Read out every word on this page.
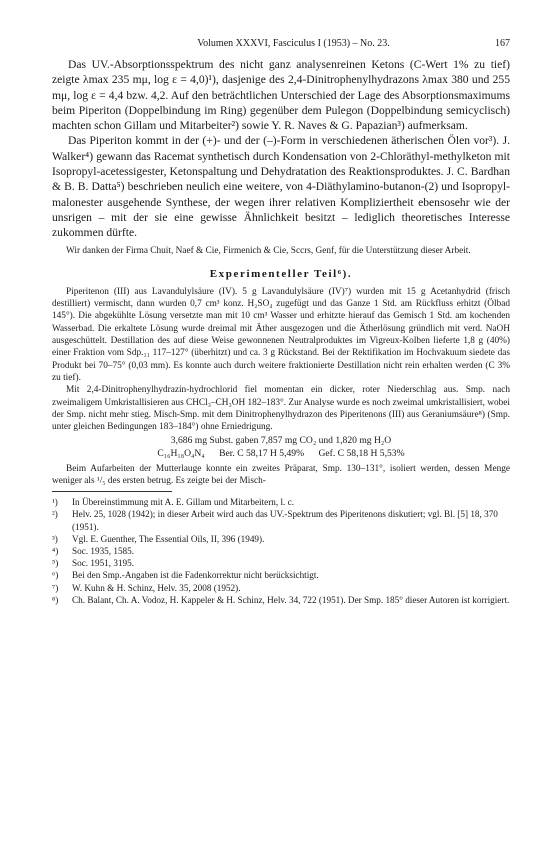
Volumen XXXVI, Fasciculus I (1953) – No. 23.	167

Das UV.-Absorptionsspektrum des nicht ganz analysenreinen Ketons (C-Wert 1% zu tief) zeigte λmax 235 mμ, log ε = 4,0)¹), dasjenige des 2,4-Dinitrophenylhydrazons λmax 380 und 255 mμ, log ε = 4,4 bzw. 4,2. Auf den beträchtlichen Unterschied der Lage des Absorptionsmaximums beim Piperiton (Doppelbindung im Ring) gegenüber dem Pulegon (Doppelbindung semicyclisch) machten schon Gillam und Mitarbeiter²) sowie Y. R. Naves & G. Papazian³) aufmerksam.

Das Piperiton kommt in der (+)- und der (–)-Form in verschiedenen ätherischen Ölen vor³). J. Walker⁴) gewann das Racemat synthetisch durch Kondensation von 2-Chloräthyl-methylketon mit Isopropyl-acetessigester, Ketonspaltung und Dehydratation des Reaktionsproduktes. J. C. Bardhan & B. B. Datta⁵) beschrieben neulich eine weitere, von 4-Diäthylamino-butanon-(2) und Isopropyl-malonester ausgehende Synthese, der wegen ihrer relativen Kompliziertheit ebensosehr wie der unsrigen – mit der sie eine gewisse Ähnlichkeit besitzt – lediglich theoretisches Interesse zukommen dürfte.

Wir danken der Firma Chuit, Naef & Cie, Firmenich & Cie, Sccrs, Genf, für die Unterstützung dieser Arbeit.

Experimenteller Teil⁶).

Piperitenon (III) aus Lavandulylsäure (IV). 5 g Lavandulylsäure (IV)⁷) wurden mit 15 g Acetanhydrid (frisch destilliert) vermischt, dann wurden 0,7 cm³ konz. H₂SO₄ zugefügt und das Ganze 1 Std. am Rückfluss erhitzt (Ölbad 145°). Die abgekühlte Lösung versetzte man mit 10 cm³ Wasser und erhitzte hierauf das Gemisch 1 Std. am kochenden Wasserbad. Die erkaltete Lösung wurde dreimal mit Äther ausgezogen und die Ätherlösung gründlich mit verd. NaOH ausgeschüttelt. Destillation des auf diese Weise gewonnenen Neutralproduktes im Vigreux-Kolben lieferte 1,8 g (40%) einer Fraktion vom Sdp.₁₁ 117–127° (überhitzt) und ca. 3 g Rückstand. Bei der Rektifikation im Hochvakuum siedete das Produkt bei 70–75° (0,03 mm). Es konnte auch durch weitere fraktionierte Destillation nicht rein erhalten werden (C 3% zu tief).

Mit 2,4-Dinitrophenylhydrazin-hydrochlorid fiel momentan ein dicker, roter Niederschlag aus. Smp. nach zweimaligem Umkristallisieren aus CHCl₃–CH₃OH 182–183°. Zur Analyse wurde es noch zweimal umkristallisiert, wobei der Smp. nicht mehr stieg. Misch-Smp. mit dem Dinitrophenylhydrazon des Piperitenons (III) aus Geraniumsäure⁸) (Smp. unter gleichen Bedingungen 183–184°) ohne Erniedrigung.

3,686 mg Subst. gaben 7,857 mg CO₂ und 1,820 mg H₂O
C₁₆H₁₈O₄N₄ Ber. C 58,17 H 5,49% Gef. C 58,18 H 5,53%

Beim Aufarbeiten der Mutterlauge konnte ein zweites Präparat, Smp. 130–131°, isoliert werden, dessen Menge weniger als ¹/₅ des ersten betrug. Es zeigte bei der Misch-

¹)	In Übereinstimmung mit A. E. Gillam und Mitarbeitern, l. c.
²)	Helv. 25, 1028 (1942); in dieser Arbeit wird auch das UV.-Spektrum des Piperitenons diskutiert; vgl. Bl. [5] 18, 370 (1951).
³)	Vgl. E. Guenther, The Essential Oils, II, 396 (1949).
⁴)	Soc. 1935, 1585.
⁵)	Soc. 1951, 3195.
⁶)	Bei den Smp.-Angaben ist die Fadenkorrektur nicht berücksichtigt.
⁷)	W. Kuhn & H. Schinz, Helv. 35, 2008 (1952).
⁸)	Ch. Balant, Ch. A. Vodoz, H. Kappeler & H. Schinz, Helv. 34, 722 (1951). Der Smp. 185° dieser Autoren ist korrigiert.
